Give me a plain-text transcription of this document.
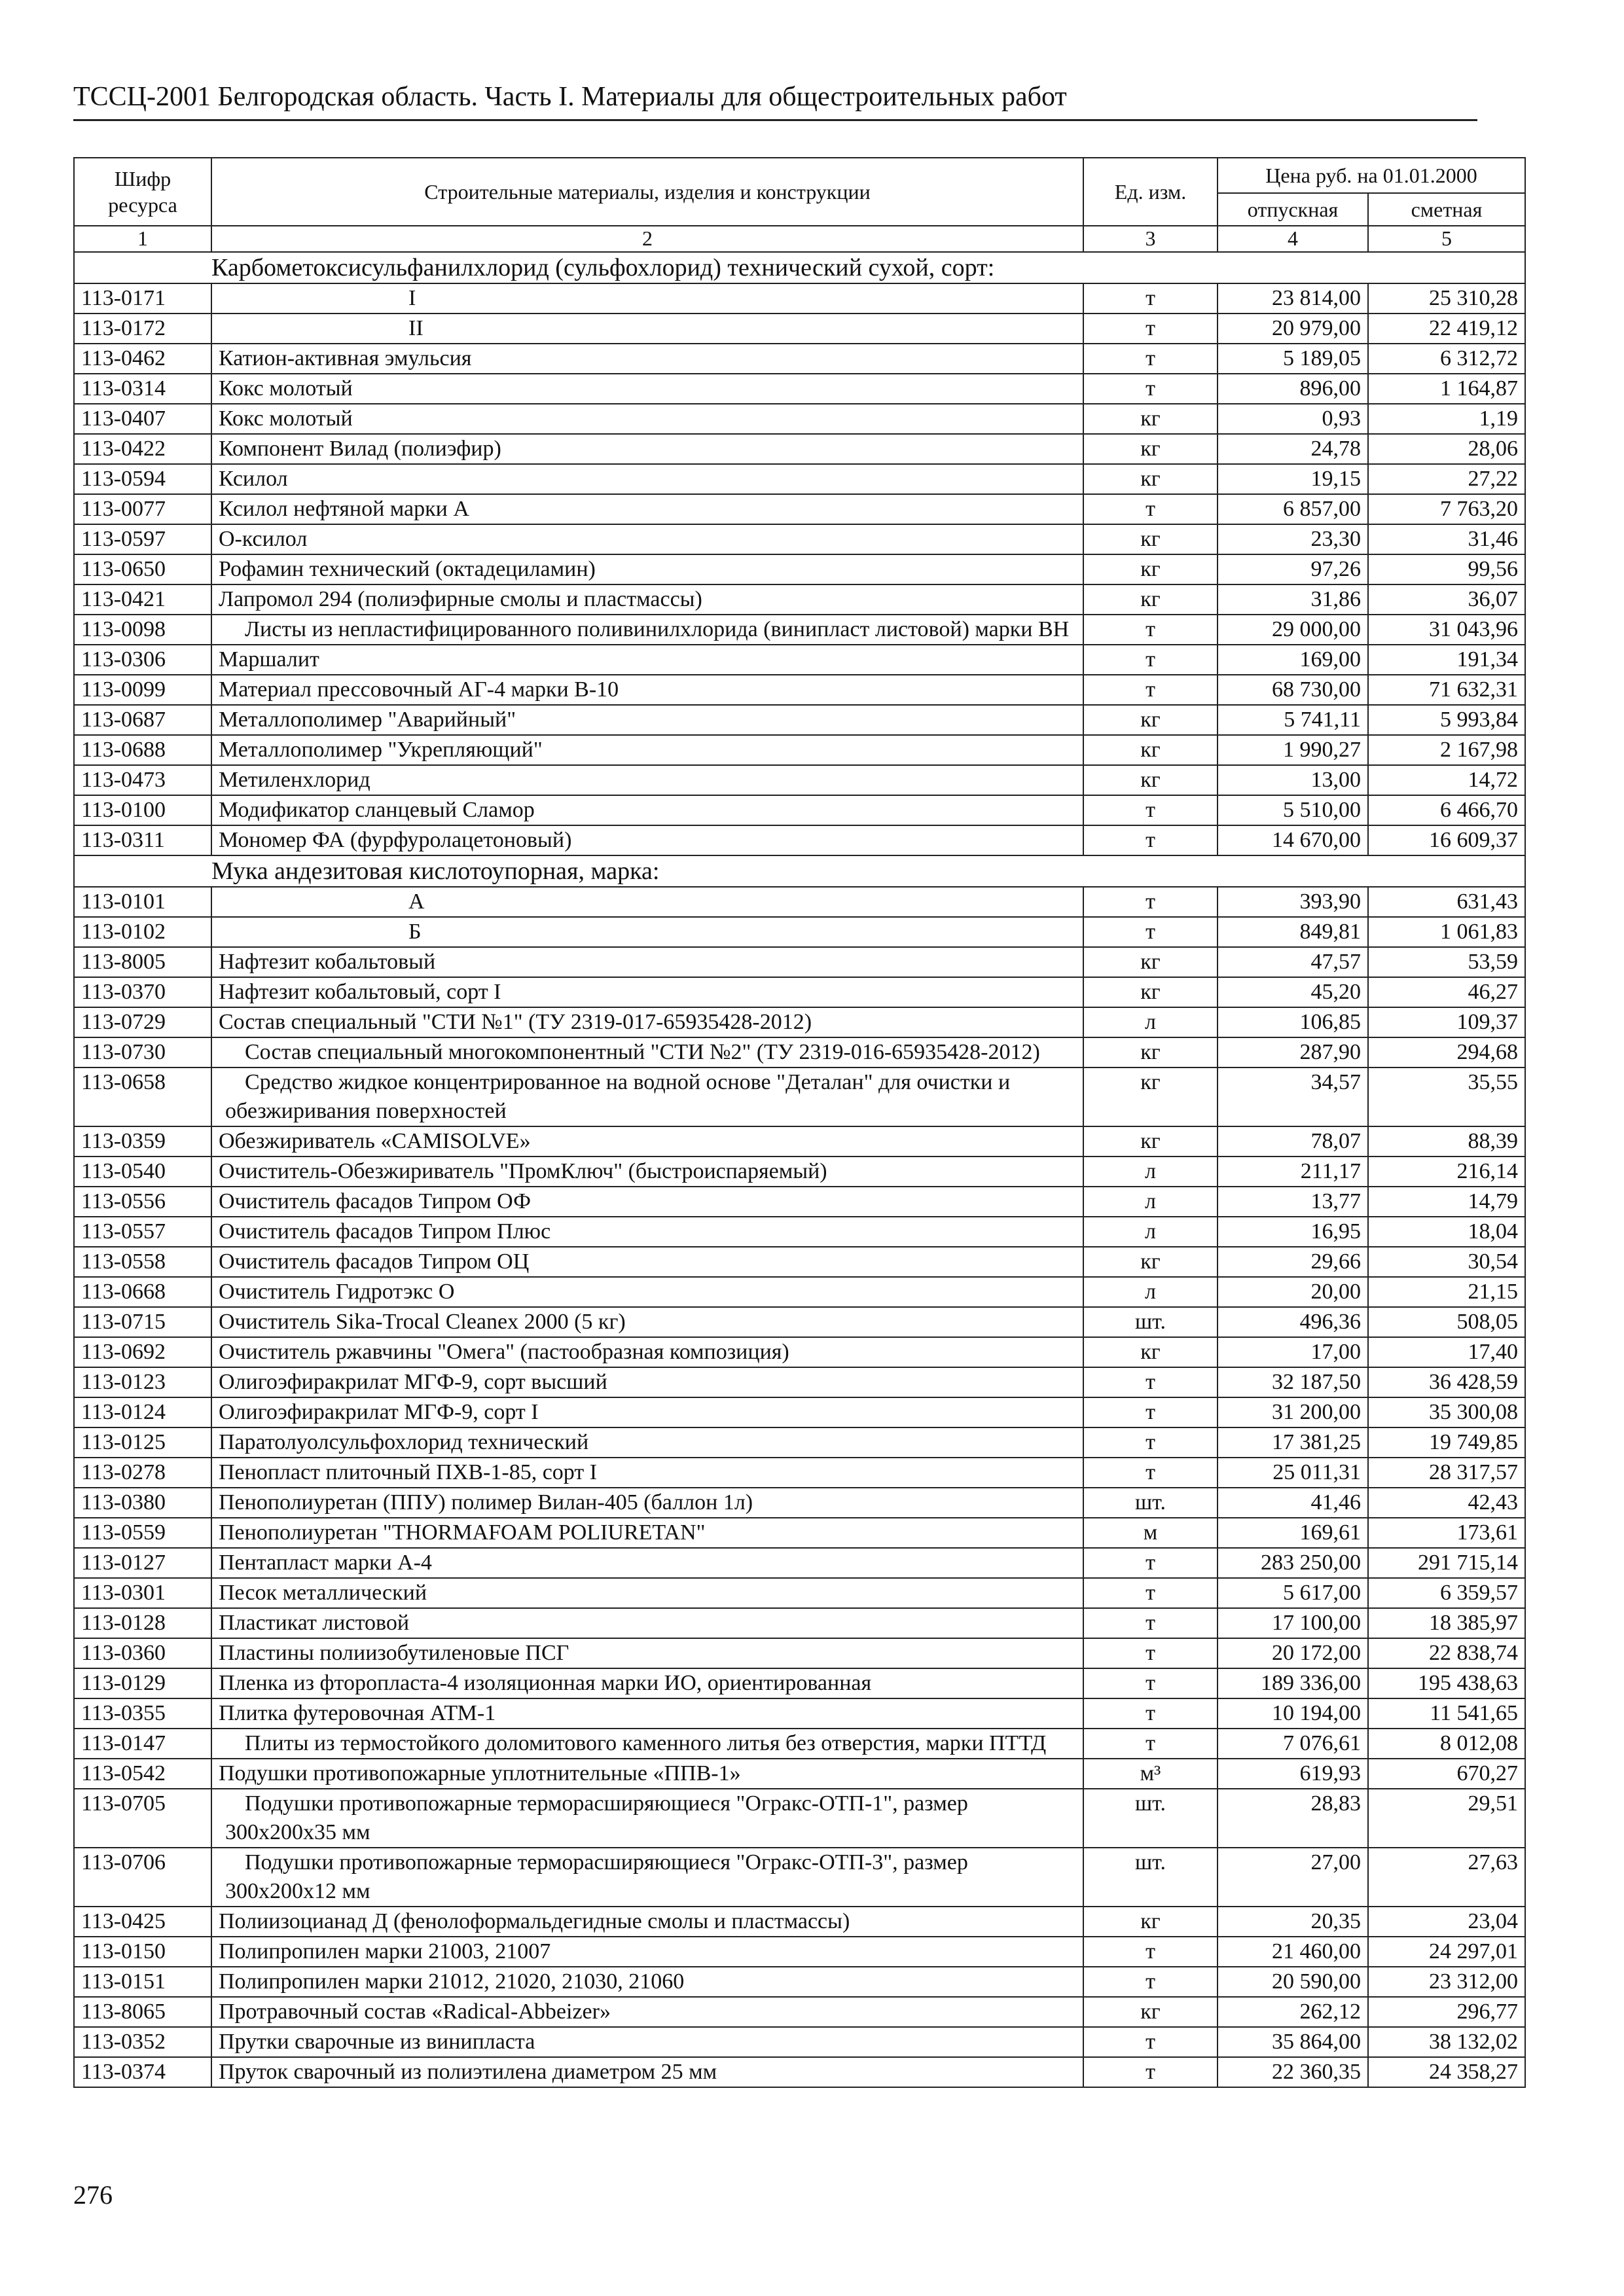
ТССЦ-2001 Белгородская область. Часть I. Материалы для общестроительных работ
Шифр ресурса	Строительные материалы, изделия и конструкции	Ед. изм.	Цена руб. на 01.01.2000	
			отпускная	сметная
1	2	3	4	5
	Карбометоксисульфанилхлорид (сульфохлорид) технический сухой, сорт:			
113-0171	I	т	23 814,00	25 310,28
113-0172	II	т	20 979,00	22 419,12
113-0462	Катион-активная эмульсия	т	5 189,05	6 312,72
113-0314	Кокс молотый	т	896,00	1 164,87
113-0407	Кокс молотый	кг	0,93	1,19
113-0422	Компонент Вилад (полиэфир)	кг	24,78	28,06
113-0594	Ксилол	кг	19,15	27,22
113-0077	Ксилол нефтяной марки А	т	6 857,00	7 763,20
113-0597	О-ксилол	кг	23,30	31,46
113-0650	Рофамин технический (октадециламин)	кг	97,26	99,56
113-0421	Лапромол 294 (полиэфирные смолы и пластмассы)	кг	31,86	36,07
113-0098	Листы из непластифицированного поливинилхлорида (винипласт листовой) марки ВН	т	29 000,00	31 043,96
113-0306	Маршалит	т	169,00	191,34
113-0099	Материал прессовочный АГ-4 марки В-10	т	68 730,00	71 632,31
113-0687	Металлополимер "Аварийный"	кг	5 741,11	5 993,84
113-0688	Металлополимер "Укрепляющий"	кг	1 990,27	2 167,98
113-0473	Метиленхлорид	кг	13,00	14,72
113-0100	Модификатор сланцевый Сламор	т	5 510,00	6 466,70
113-0311	Мономер ФА (фурфуролацетоновый)	т	14 670,00	16 609,37
	Мука андезитовая кислотоупорная, марка:			
113-0101	А	т	393,90	631,43
113-0102	Б	т	849,81	1 061,83
113-8005	Нафтезит кобальтовый	кг	47,57	53,59
113-0370	Нафтезит кобальтовый, сорт I	кг	45,20	46,27
113-0729	Состав специальный "СТИ №1" (ТУ 2319-017-65935428-2012)	л	106,85	109,37
113-0730	Состав специальный многокомпонентный "СТИ №2" (ТУ 2319-016-65935428-2012)	кг	287,90	294,68
113-0658	Средство жидкое концентрированное на водной основе "Деталан" для очистки и обезжиривания поверхностей	кг	34,57	35,55
113-0359	Обезжириватель «CAMISOLVE»	кг	78,07	88,39
113-0540	Очиститель-Обезжириватель "ПромКлюч" (быстроиспаряемый)	л	211,17	216,14
113-0556	Очиститель фасадов Типром ОФ	л	13,77	14,79
113-0557	Очиститель фасадов Типром Плюс	л	16,95	18,04
113-0558	Очиститель фасадов Типром ОЦ	кг	29,66	30,54
113-0668	Очиститель Гидротэкс О	л	20,00	21,15
113-0715	Очиститель Sika-Trocal Cleanex 2000 (5 кг)	шт.	496,36	508,05
113-0692	Очиститель ржавчины "Омега" (пастообразная композиция)	кг	17,00	17,40
113-0123	Олигоэфиракрилат МГФ-9, сорт высший	т	32 187,50	36 428,59
113-0124	Олигоэфиракрилат МГФ-9, сорт I	т	31 200,00	35 300,08
113-0125	Паратолуолсульфохлорид технический	т	17 381,25	19 749,85
113-0278	Пенопласт плиточный ПХВ-1-85, сорт I	т	25 011,31	28 317,57
113-0380	Пенополиуретан (ППУ) полимер Вилан-405 (баллон 1л)	шт.	41,46	42,43
113-0559	Пенополиуретан "THORMAFOAM POLIURETAN"	м	169,61	173,61
113-0127	Пентапласт марки А-4	т	283 250,00	291 715,14
113-0301	Песок металлический	т	5 617,00	6 359,57
113-0128	Пластикат листовой	т	17 100,00	18 385,97
113-0360	Пластины полиизобутиленовые ПСГ	т	20 172,00	22 838,74
113-0129	Пленка из фторопласта-4 изоляционная марки ИО, ориентированная	т	189 336,00	195 438,63
113-0355	Плитка футеровочная АТМ-1	т	10 194,00	11 541,65
113-0147	Плиты из термостойкого доломитового каменного литья без отверстия, марки ПТТД	т	7 076,61	8 012,08
113-0542	Подушки противопожарные уплотнительные «ППВ-1»	м³	619,93	670,27
113-0705	Подушки противопожарные терморасширяющиеся "Огракс-ОТП-1", размер 300х200х35 мм	шт.	28,83	29,51
113-0706	Подушки противопожарные терморасширяющиеся "Огракс-ОТП-3", размер 300х200х12 мм	шт.	27,00	27,63
113-0425	Полиизоцианад Д (фенолоформальдегидные смолы и пластмассы)	кг	20,35	23,04
113-0150	Полипропилен марки 21003, 21007	т	21 460,00	24 297,01
113-0151	Полипропилен марки 21012, 21020, 21030, 21060	т	20 590,00	23 312,00
113-8065	Протравочный состав «Radical-Abbeizer»	кг	262,12	296,77
113-0352	Прутки сварочные из винипласта	т	35 864,00	38 132,02
113-0374	Пруток сварочный из полиэтилена диаметром 25 мм	т	22 360,35	24 358,27
276
